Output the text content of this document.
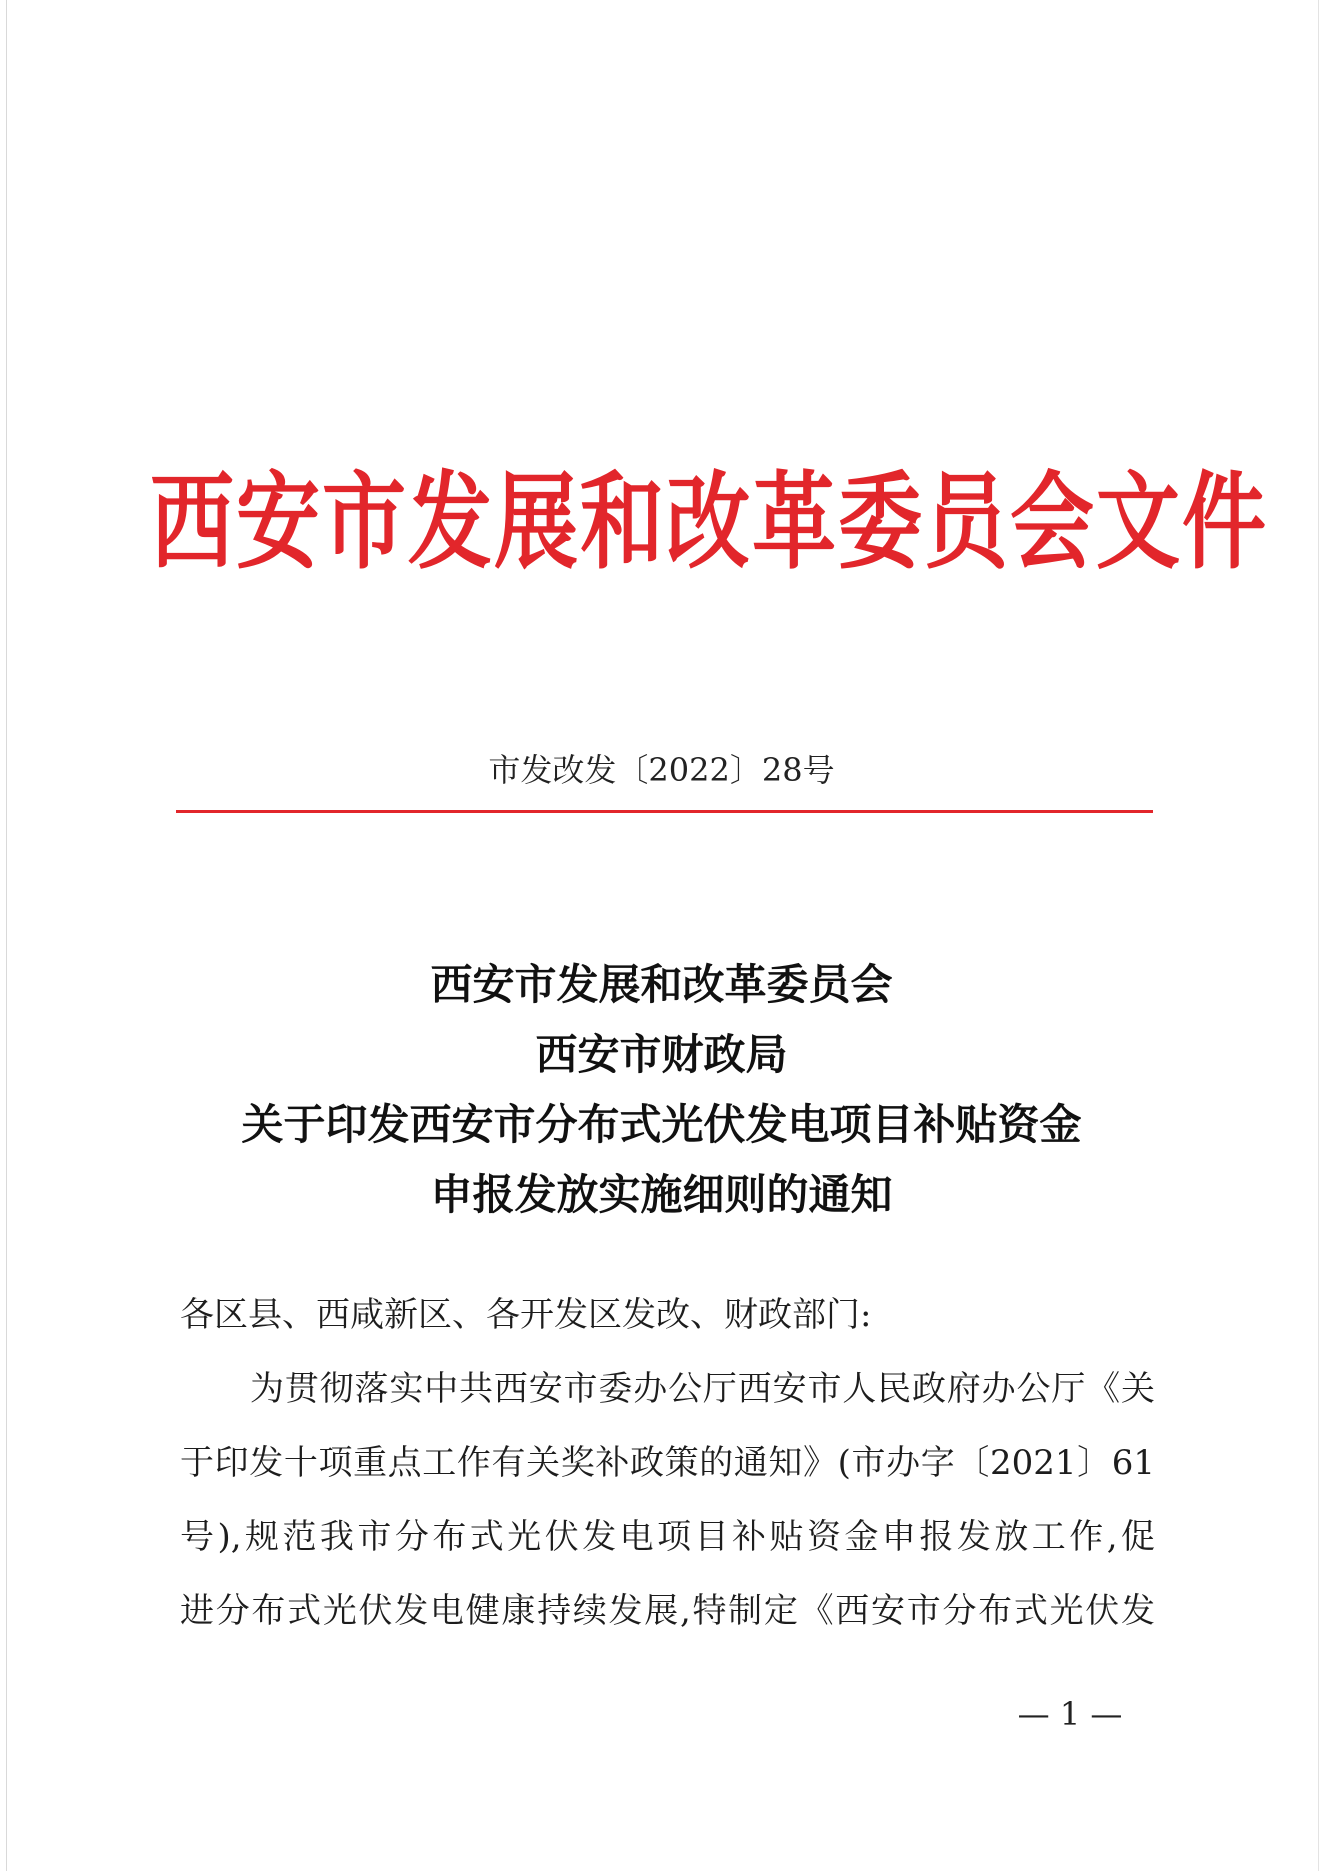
西安市发展和改革委员会文件
市发改发〔2022〕28号
西安市发展和改革委员会
西安市财政局
关于印发西安市分布式光伏发电项目补贴资金
申报发放实施细则的通知
各区县、西咸新区、各开发区发改、财政部门:
为贯彻落实中共西安市委办公厅西安市人民政府办公厅《关
于印发十项重点工作有关奖补政策的通知》(市办字〔2021〕61
号),规范我市分布式光伏发电项目补贴资金申报发放工作,促
进分布式光伏发电健康持续发展,特制定《西安市分布式光伏发
— 1 —
